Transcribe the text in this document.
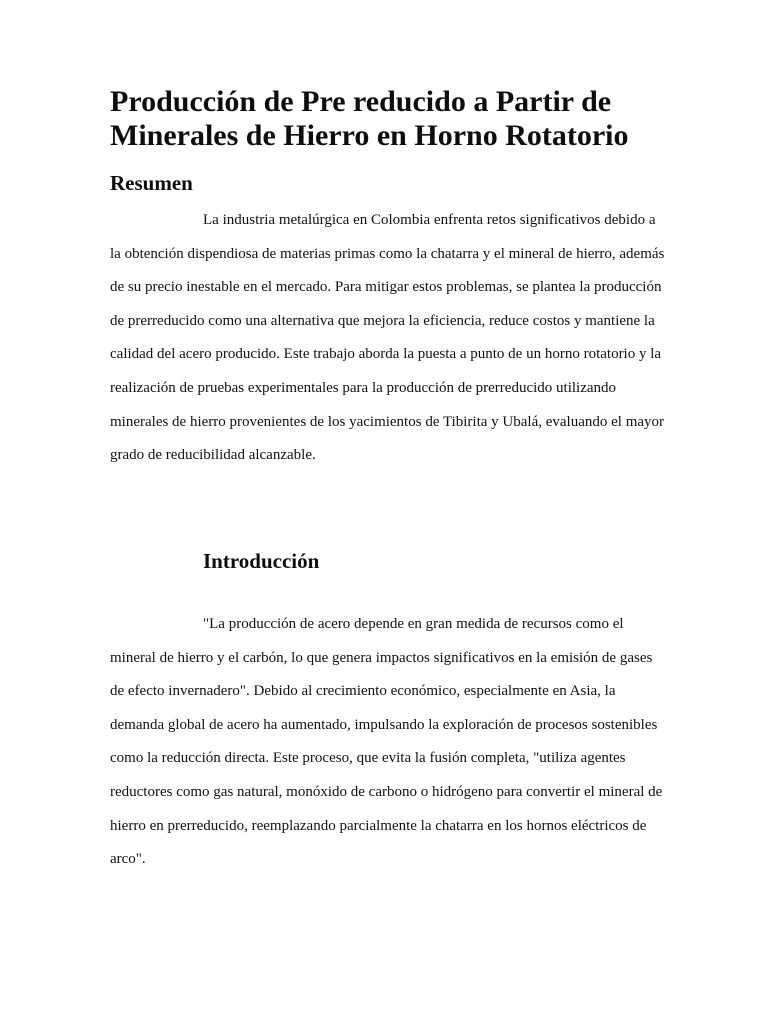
Producción de Pre reducido a Partir de Minerales de Hierro en Horno Rotatorio
Resumen

La industria metalúrgica en Colombia enfrenta retos significativos debido a la obtención dispendiosa de materias primas como la chatarra y el mineral de hierro, además de su precio inestable en el mercado. Para mitigar estos problemas, se plantea la producción de prerreducido como una alternativa que mejora la eficiencia, reduce costos y mantiene la calidad del acero producido. Este trabajo aborda la puesta a punto de un horno rotatorio y la realización de pruebas experimentales para la producción de prerreducido utilizando minerales de hierro provenientes de los yacimientos de Tibirita y Ubalá, evaluando el mayor grado de reducibilidad alcanzable.

Introducción

"La producción de acero depende en gran medida de recursos como el mineral de hierro y el carbón, lo que genera impactos significativos en la emisión de gases de efecto invernadero". Debido al crecimiento económico, especialmente en Asia, la demanda global de acero ha aumentado, impulsando la exploración de procesos sostenibles como la reducción directa. Este proceso, que evita la fusión completa, "utiliza agentes reductores como gas natural, monóxido de carbono o hidrógeno para convertir el mineral de hierro en prerreducido, reemplazando parcialmente la chatarra en los hornos eléctricos de arco".
